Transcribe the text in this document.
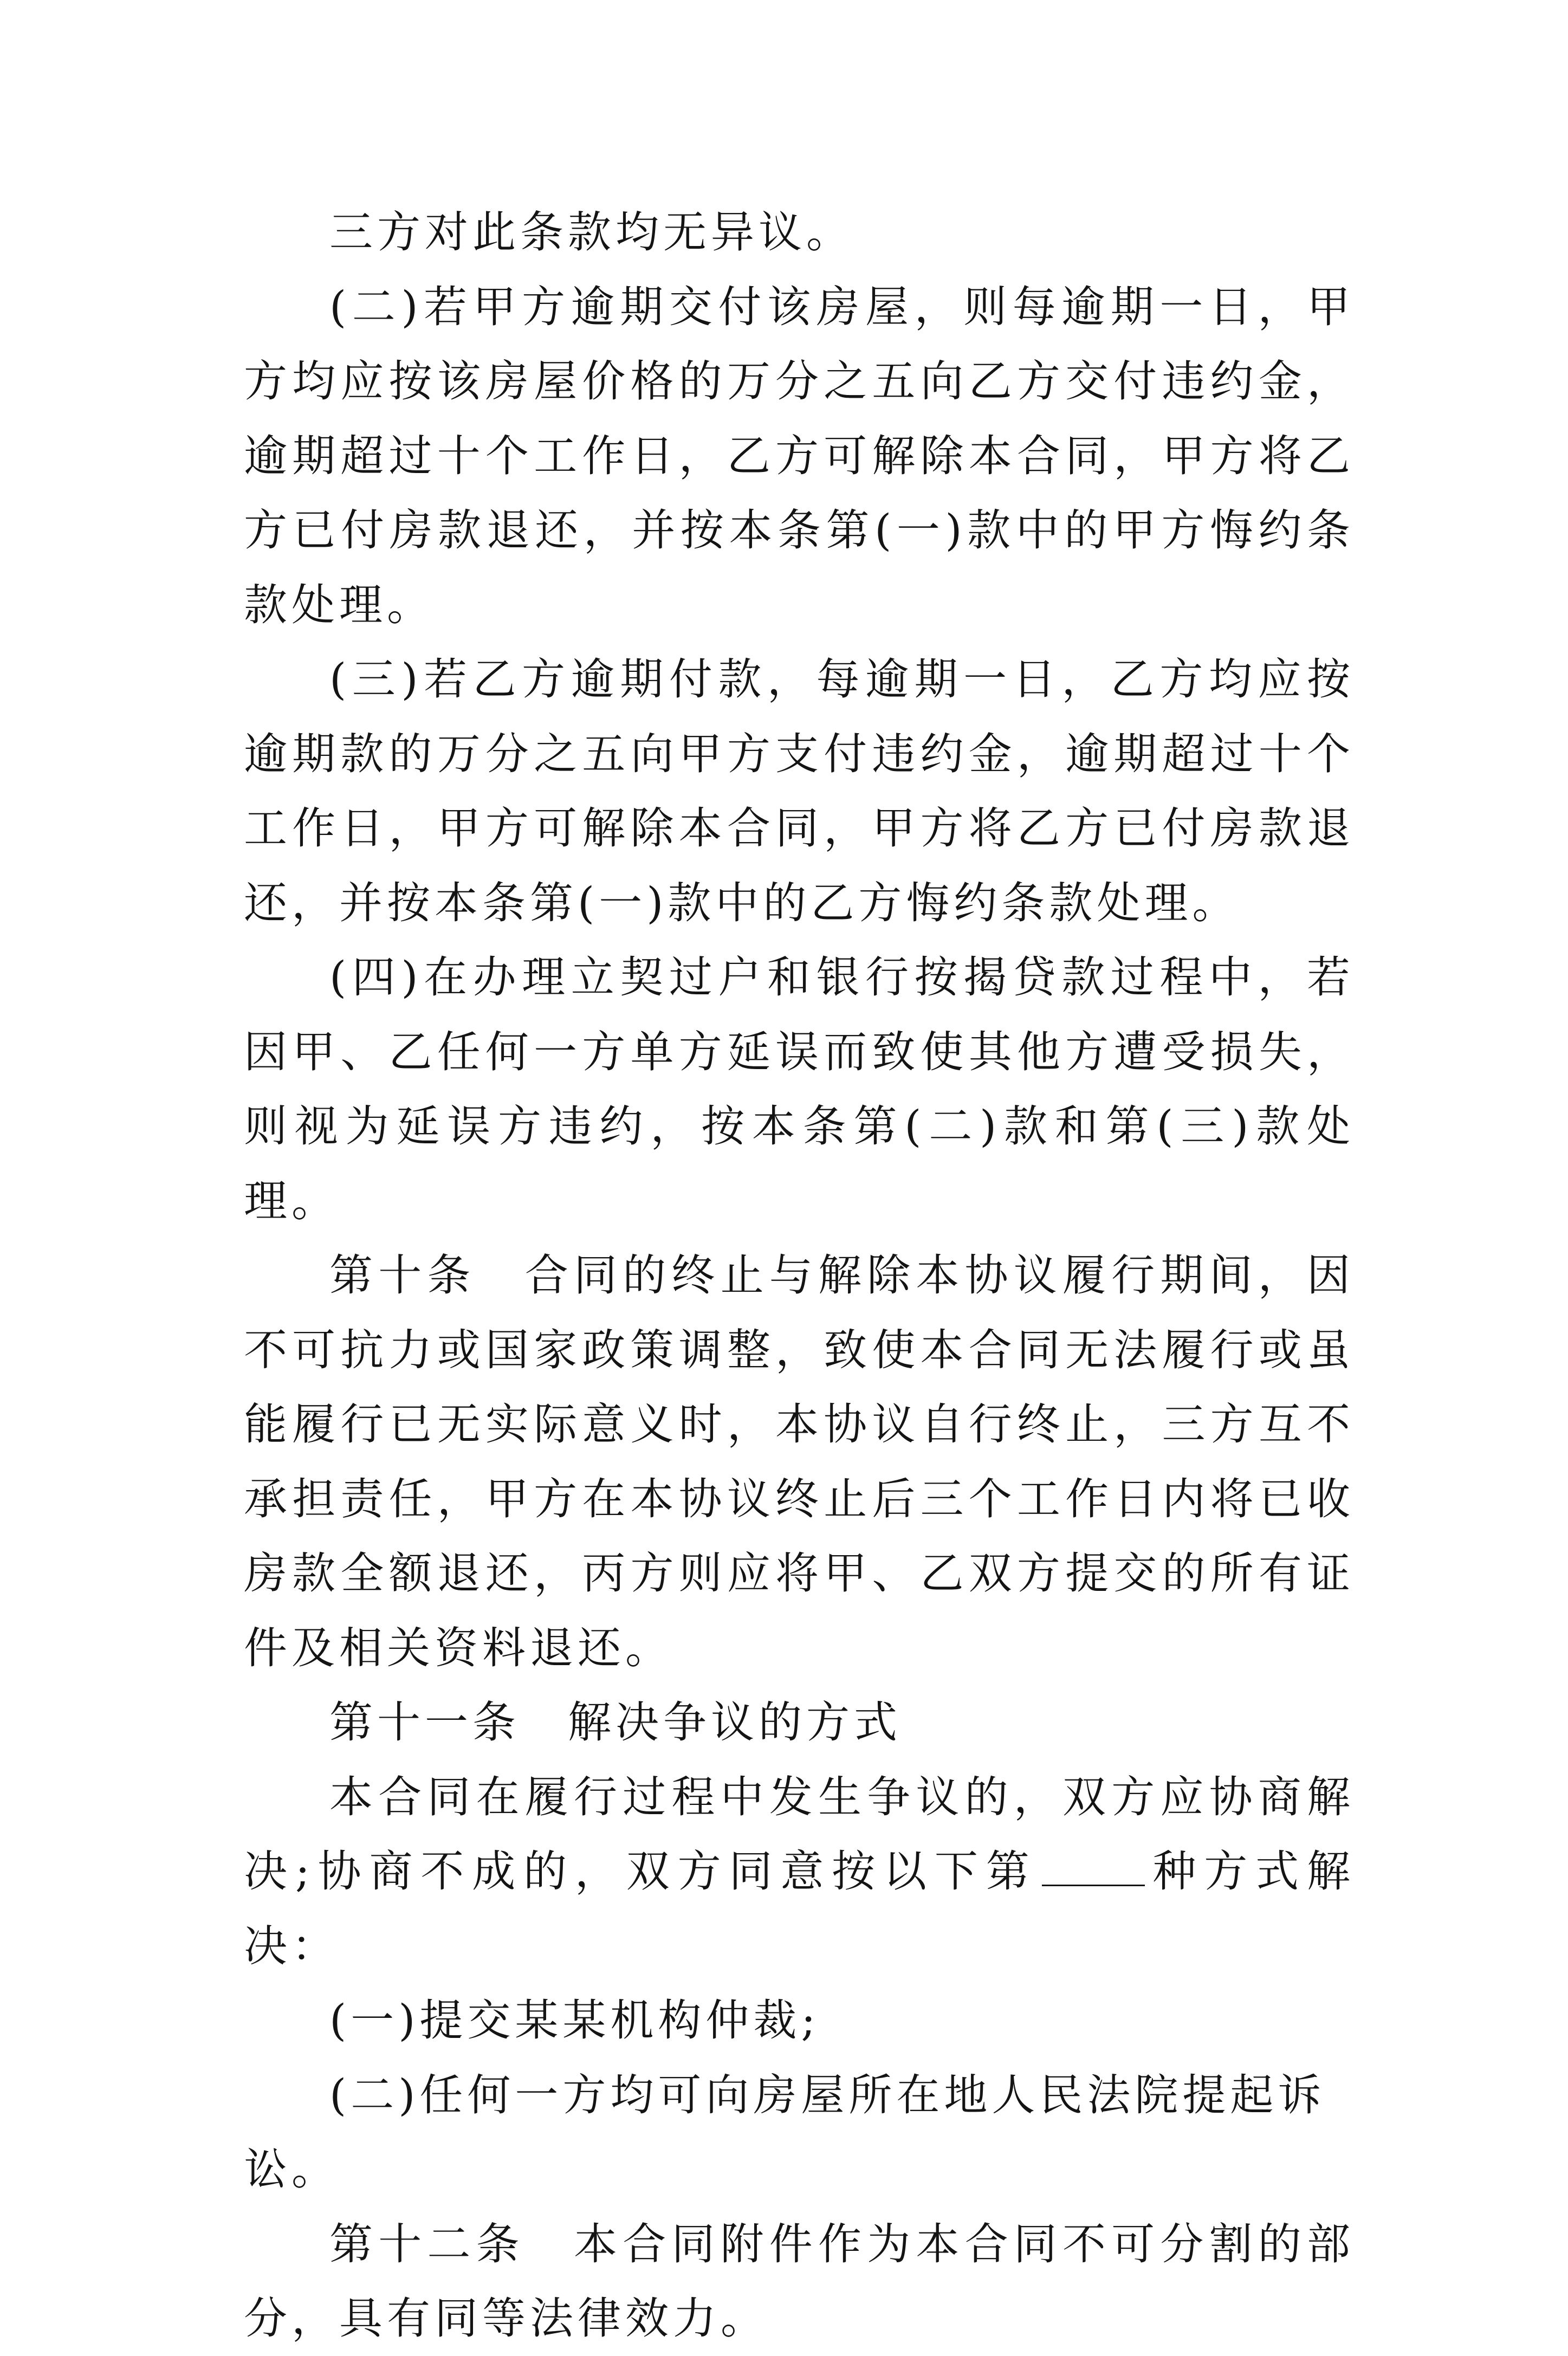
三方对此条款均无异议。

(二)若甲方逾期交付该房屋，则每逾期一日，甲方均应按该房屋价格的万分之五向乙方交付违约金，逾期超过十个工作日，乙方可解除本合同，甲方将乙方已付房款退还，并按本条第(一)款中的甲方悔约条款处理。

(三)若乙方逾期付款，每逾期一日，乙方均应按逾期款的万分之五向甲方支付违约金，逾期超过十个工作日，甲方可解除本合同，甲方将乙方已付房款退还，并按本条第(一)款中的乙方悔约条款处理。

(四)在办理立契过户和银行按揭贷款过程中，若因甲、乙任何一方单方延误而致使其他方遭受损失，则视为延误方违约，按本条第(二)款和第(三)款处理。

第十条　合同的终止与解除本协议履行期间，因不可抗力或国家政策调整，致使本合同无法履行或虽能履行已无实际意义时，本协议自行终止，三方互不承担责任，甲方在本协议终止后三个工作日内将已收房款全额退还，丙方则应将甲、乙双方提交的所有证件及相关资料退还。

第十一条　解决争议的方式

本合同在履行过程中发生争议的，双方应协商解决;协商不成的，双方同意按以下第	种方式解决：

(一)提交某某机构仲裁;

(二)任何一方均可向房屋所在地人民法院提起诉讼。

第十二条　本合同附件作为本合同不可分割的部分，具有同等法律效力。
